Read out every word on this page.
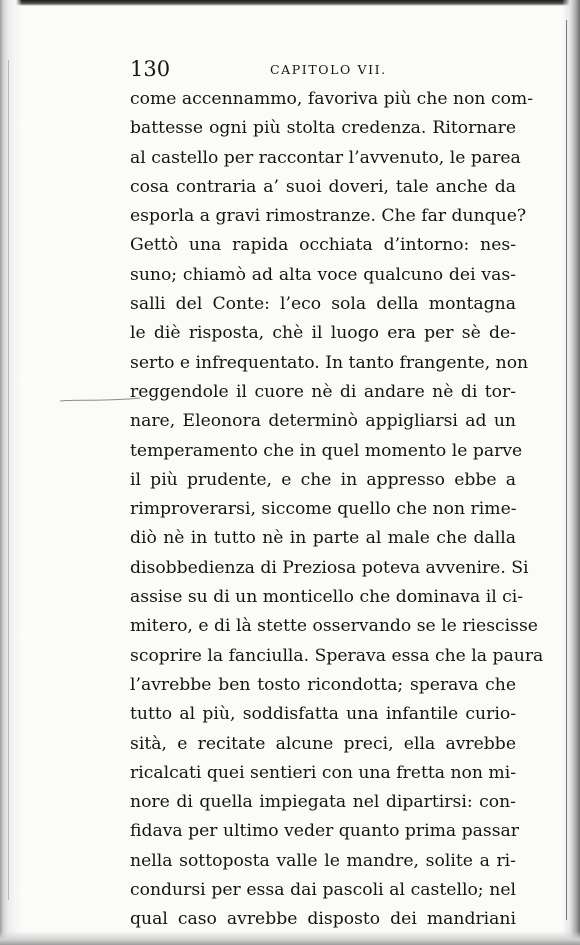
130	CAPITOLO VII.
come accennammo, favoriva più che non com-
battesse ogni più stolta credenza. Ritornare
al castello per raccontar l’avvenuto, le parea
cosa contraria a’ suoi doveri, tale anche da
esporla a gravi rimostranze. Che far dunque?
Gettò una rapida occhiata d’intorno: nes-
suno; chiamò ad alta voce qualcuno dei vas-
salli del Conte: l’eco sola della montagna
le diè risposta, chè il luogo era per sè de-
serto e infrequentato. In tanto frangente, non
reggendole il cuore nè di andare nè di tor-
nare, Eleonora determinò appigliarsi ad un
temperamento che in quel momento le parve
il più prudente, e che in appresso ebbe a
rimproverarsi, siccome quello che non rime-
diò nè in tutto nè in parte al male che dalla
disobbedienza di Preziosa poteva avvenire. Si
assise su di un monticello che dominava il ci-
mitero, e di là stette osservando se le riescisse
scoprire la fanciulla. Sperava essa che la paura
l’avrebbe ben tosto ricondotta; sperava che
tutto al più, soddisfatta una infantile curio-
sità, e recitate alcune preci, ella avrebbe
ricalcati quei sentieri con una fretta non mi-
nore di quella impiegata nel dipartirsi: con-
fidava per ultimo veder quanto prima passar
nella sottoposta valle le mandre, solite a ri-
condursi per essa dai pascoli al castello; nel
qual caso avrebbe disposto dei mandriani
